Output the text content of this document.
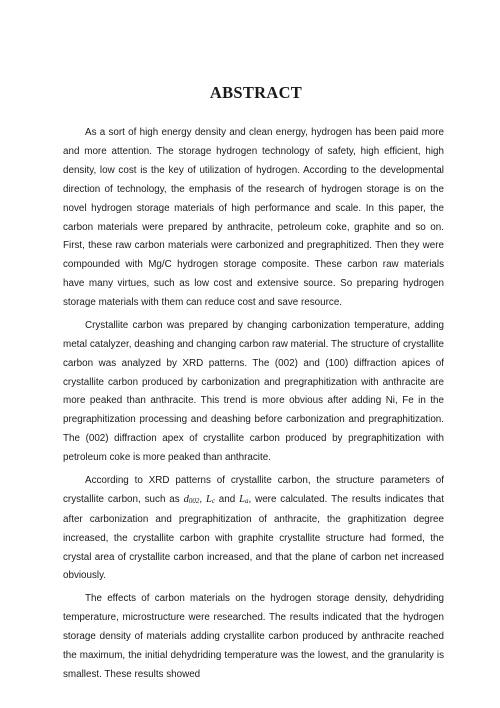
ABSTRACT

As a sort of high energy density and clean energy, hydrogen has been paid more and more attention. The storage hydrogen technology of safety, high efficient, high density, low cost is the key of utilization of hydrogen. According to the developmental direction of technology, the emphasis of the research of hydrogen storage is on the novel hydrogen storage materials of high performance and scale. In this paper, the carbon materials were prepared by anthracite, petroleum coke, graphite and so on. First, these raw carbon materials were carbonized and pregraphitized. Then they were compounded with Mg/C hydrogen storage composite. These carbon raw materials have many virtues, such as low cost and extensive source. So preparing hydrogen storage materials with them can reduce cost and save resource.

Crystallite carbon was prepared by changing carbonization temperature, adding metal catalyzer, deashing and changing carbon raw material. The structure of crystallite carbon was analyzed by XRD patterns. The (002) and (100) diffraction apices of crystallite carbon produced by carbonization and pregraphitization with anthracite are more peaked than anthracite. This trend is more obvious after adding Ni, Fe in the pregraphitization processing and deashing before carbonization and pregraphitization. The (002) diffraction apex of crystallite carbon produced by pregraphitization with petroleum coke is more peaked than anthracite.

According to XRD patterns of crystallite carbon, the structure parameters of crystallite carbon, such as d002, Lc and La, were calculated. The results indicates that after carbonization and pregraphitization of anthracite, the graphitization degree increased, the crystallite carbon with graphite crystallite structure had formed, the crystal area of crystallite carbon increased, and that the plane of carbon net increased obviously.

The effects of carbon materials on the hydrogen storage density, dehydriding temperature, microstructure were researched. The results indicated that the hydrogen storage density of materials adding crystallite carbon produced by anthracite reached the maximum, the initial dehydriding temperature was the lowest, and the granularity is smallest. These results showed
